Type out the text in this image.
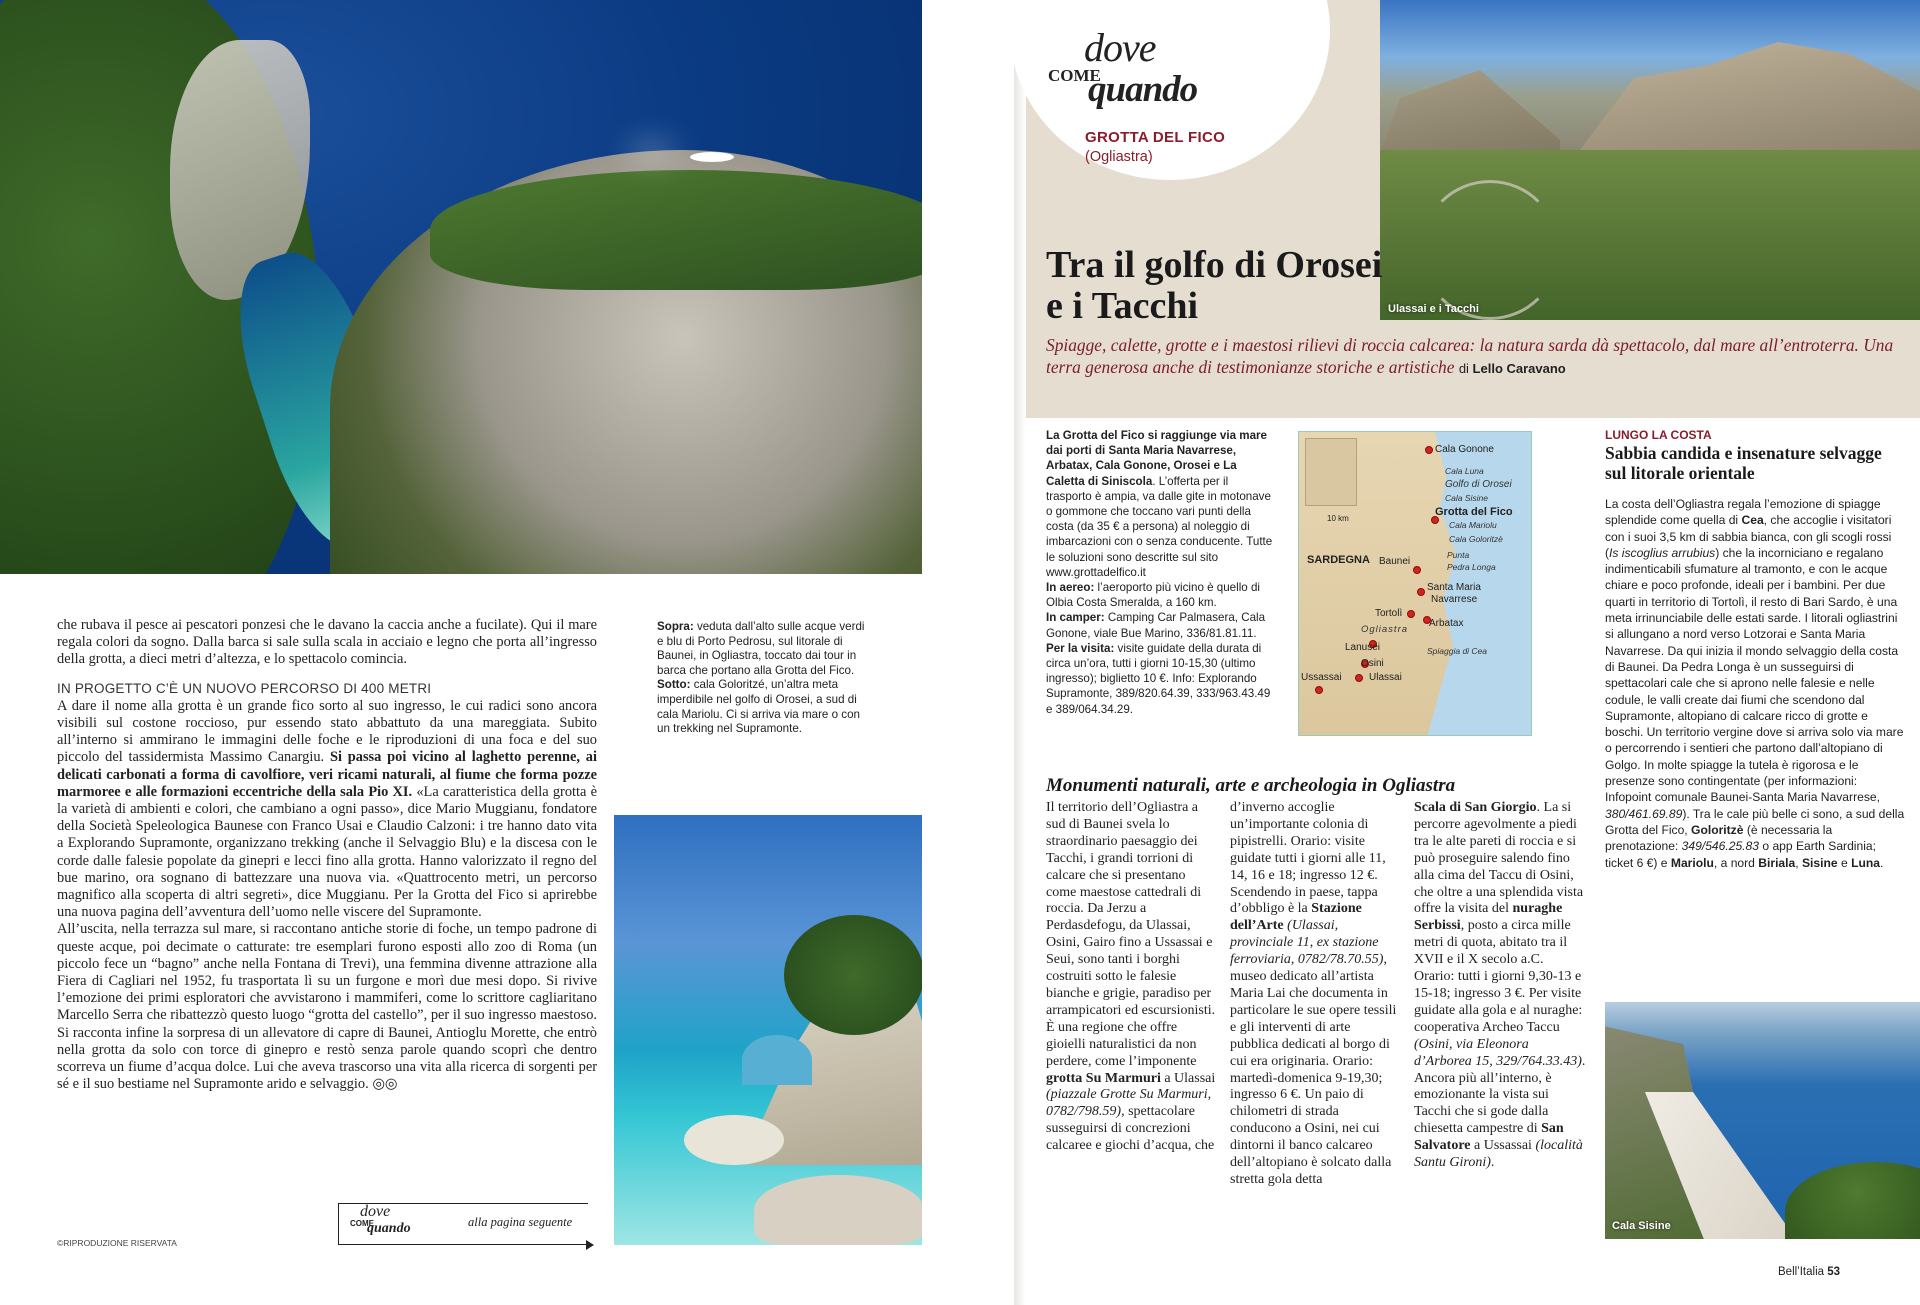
che rubava il pesce ai pescatori ponzesi che le davano la caccia anche a fucilate). Qui il mare regala colori da sogno. Dalla barca si sale sulla scala in acciaio e legno che porta all’ingresso della grotta, a dieci metri d’altezza, e lo spettacolo comincia.

IN PROGETTO C’È UN NUOVO PERCORSO DI 400 METRI

A dare il nome alla grotta è un grande fico sorto al suo ingresso, le cui radici sono ancora visibili sul costone roccioso, pur essendo stato abbattuto da una mareggiata. Subito all’interno si ammirano le immagini delle foche e le riproduzioni di una foca e del suo piccolo del tassidermista Massimo Canargiu. Si passa poi vicino al laghetto perenne, ai delicati carbonati a forma di cavolfiore, veri ricami naturali, al fiume che forma pozze marmoree e alle formazioni eccentriche della sala Pio XI. «La caratteristica della grotta è la varietà di ambienti e colori, che cambiano a ogni passo», dice Mario Muggianu, fondatore della Società Speleologica Baunese con Franco Usai e Claudio Calzoni: i tre hanno dato vita a Explorando Supramonte, organizzano trekking (anche il Selvaggio Blu) e la discesa con le corde dalle falesie popolate da ginepri e lecci fino alla grotta. Hanno valorizzato il regno del bue marino, ora sognano di battezzare una nuova via. «Quattrocento metri, un percorso magnifico alla scoperta di altri segreti», dice Muggianu. Per la Grotta del Fico si aprirebbe una nuova pagina dell’avventura dell’uomo nelle viscere del Supramonte.

All’uscita, nella terrazza sul mare, si raccontano antiche storie di foche, un tempo padrone di queste acque, poi decimate o catturate: tre esemplari furono esposti allo zoo di Roma (un piccolo fece un “bagno” anche nella Fontana di Trevi), una femmina divenne attrazione alla Fiera di Cagliari nel 1952, fu trasportata lì su un furgone e morì due mesi dopo. Si rivive l’emozione dei primi esploratori che avvistarono i mammiferi, come lo scrittore cagliaritano Marcello Serra che ribattezzò questo luogo “grotta del castello”, per il suo ingresso maestoso. Si racconta infine la sorpresa di un allevatore di capre di Baunei, Antioglu Morette, che entrò nella grotta da solo con torce di ginepro e restò senza parole quando scoprì che dentro scorreva un fiume d’acqua dolce. Lui che aveva trascorso una vita alla ricerca di sorgenti per sé e il suo bestiame nel Supramonte arido e selvaggio. ◎◎

Sopra: veduta dall’alto sulle acque verdi e blu di Porto Pedrosu, sul litorale di Baunei, in Ogliastra, toccato dai tour in barca che portano alla Grotta del Fico. Sotto: cala Goloritzé, un’altra meta imperdibile nel golfo di Orosei, a sud di cala Mariolu. Ci si arriva via mare o con un trekking nel Supramonte.
©RIPRODUZIONE RISERVATA
dove
COME
quando	alla pagina seguente
dove
COME
quando
GROTTA DEL FICO
(Ogliastra)
Ulassai e i Tacchi
Tra il golfo di Orosei e i Tacchi
Spiagge, calette, grotte e i maestosi rilievi di roccia calcarea: la natura sarda dà spettacolo, dal mare all’entroterra. Una terra generosa anche di testimonianze storiche e artistiche di Lello Caravano
La Grotta del Fico si raggiunge via mare dai porti di Santa Maria Navarrese, Arbatax, Cala Gonone, Orosei e La Caletta di Siniscola. L’offerta per il trasporto è ampia, va dalle gite in motonave o gommone che toccano vari punti della costa (da 35 € a persona) al noleggio di imbarcazioni con o senza conducente. Tutte le soluzioni sono descritte sul sito www.grottadelfico.it
In aereo: l’aeroporto più vicino è quello di Olbia Costa Smeralda, a 160 km.
In camper: Camping Car Palmasera, Cala Gonone, viale Bue Marino, 336/81.81.11.
Per la visita: visite guidate della durata di circa un’ora, tutti i giorni 10-15,30 (ultimo ingresso); biglietto 10 €. Info: Explorando Supramonte, 389/820.64.39, 333/963.43.49 e 389/064.34.29.
10 km
Cala Gonone
Cala Luna
Golfo di Orosei
Cala Sisine
Grotta del Fico
Cala Mariolu
Cala Goloritzè
SARDEGNA Baunei
Punta
Pedra Longa
Santa Maria
Navarrese
Tortolì
Arbatax
Ogliastra
Lanusei	Spiaggia di Cea
Osini
Ulassai
Ussassai
LUNGO LA COSTA
Sabbia candida e insenature selvagge sul litorale orientale
La costa dell’Ogliastra regala l’emozione di spiagge splendide come quella di Cea, che accoglie i visitatori con i suoi 3,5 km di sabbia bianca, con gli scogli rossi (Is iscoglius arrubius) che la incorniciano e regalano indimenticabili sfumature al tramonto, e con le acque chiare e poco profonde, ideali per i bambini. Per due quarti in territorio di Tortolì, il resto di Bari Sardo, è una meta irrinunciabile delle estati sarde. I litorali ogliastrini si allungano a nord verso Lotzorai e Santa Maria Navarrese. Da qui inizia il mondo selvaggio della costa di Baunei. Da Pedra Longa è un susseguirsi di spettacolari cale che si aprono nelle falesie e nelle codule, le valli create dai fiumi che scendono dal Supramonte, altopiano di calcare ricco di grotte e boschi. Un territorio vergine dove si arriva solo via mare o percorrendo i sentieri che partono dall’altopiano di Golgo. In molte spiagge la tutela è rigorosa e le presenze sono contingentate (per informazioni: Infopoint comunale Baunei-Santa Maria Navarrese, 380/461.69.89). Tra le cale più belle ci sono, a sud della Grotta del Fico, Goloritzè (è necessaria la prenotazione: 349/546.25.83 o app Earth Sardinia; ticket 6 €) e Mariolu, a nord Biriala, Sisine e Luna.
Cala Sisine
Monumenti naturali, arte e archeologia in Ogliastra
Il territorio dell’Ogliastra a sud di Baunei svela lo straordinario paesaggio dei Tacchi, i grandi torrioni di calcare che si presentano come maestose cattedrali di roccia. Da Jerzu a Perdasdefogu, da Ulassai, Osini, Gairo fino a Ussassai e Seui, sono tanti i borghi costruiti sotto le falesie bianche e grigie, paradiso per arrampicatori ed escursionisti. È una regione che offre gioielli naturalistici da non perdere, come l’imponente grotta Su Marmuri a Ulassai (piazzale Grotte Su Marmuri, 0782/798.59), spettacolare susseguirsi di concrezioni calcaree e giochi d’acqua, che
d’inverno accoglie un’importante colonia di pipistrelli. Orario: visite guidate tutti i giorni alle 11, 14, 16 e 18; ingresso 12 €. Scendendo in paese, tappa d’obbligo è la Stazione dell’Arte (Ulassai, provinciale 11, ex stazione ferroviaria, 0782/78.70.55), museo dedicato all’artista Maria Lai che documenta in particolare le sue opere tessili e gli interventi di arte pubblica dedicati al borgo di cui era originaria. Orario: martedì-domenica 9-19,30; ingresso 6 €. Un paio di chilometri di strada conducono a Osini, nei cui dintorni il banco calcareo dell’altopiano è solcato dalla stretta gola detta
Scala di San Giorgio. La si percorre agevolmente a piedi tra le alte pareti di roccia e si può proseguire salendo fino alla cima del Taccu di Osini, che oltre a una splendida vista offre la visita del nuraghe Serbissi, posto a circa mille metri di quota, abitato tra il XVII e il X secolo a.C. Orario: tutti i giorni 9,30-13 e 15-18; ingresso 3 €. Per visite guidate alla gola e al nuraghe: cooperativa Archeo Taccu (Osini, via Eleonora d’Arborea 15, 329/764.33.43). Ancora più all’interno, è emozionante la vista sui Tacchi che si gode dalla chiesetta campestre di San Salvatore a Ussassai (località Santu Gironi).
Bell’Italia 53
